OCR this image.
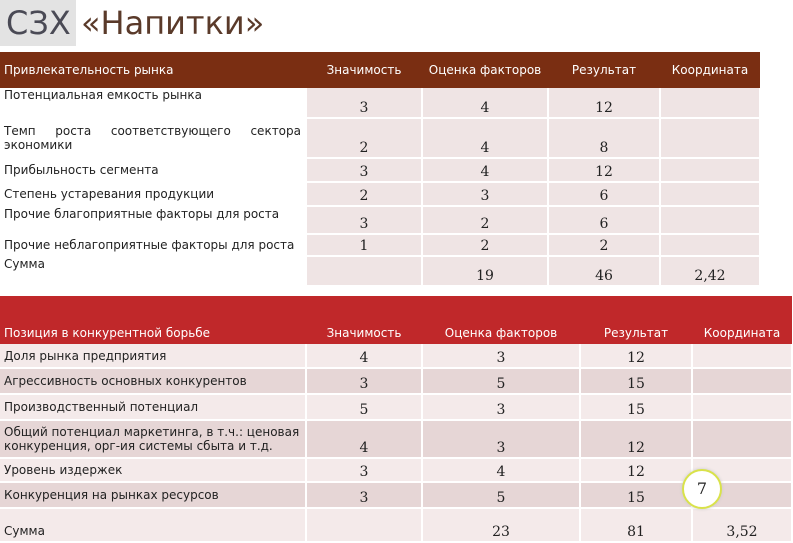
СЗХ «Напитки»
Привлекательность рынка	Значимость	Оценка факторов	Результат	Координата
Потенциальная емкость рынка	3	4	12	
Темп роста соответствующего сектора экономики	2	4	8	
Прибыльность сегмента	3	4	12	
Степень устаревания продукции	2	3	6	
Прочие благоприятные факторы для роста	3	2	6	
Прочие неблагоприятные факторы для роста	1	2	2	
Сумма		19	46	2,42
Позиция в конкурентной борьбе	Значимость	Оценка факторов	Результат	Координата
Доля рынка предприятия	4	3	12	
Агрессивность основных конкурентов	3	5	15	
Производственный потенциал	5	3	15	
Общий потенциал маркетинга, в т.ч.: ценовая конкуренция, орг-ия системы сбыта и т.д.	4	3	12	
Уровень издержек	3	4	12	
Конкуренция на рынках ресурсов	3	5	15	
Сумма		23	81	3,52
7
